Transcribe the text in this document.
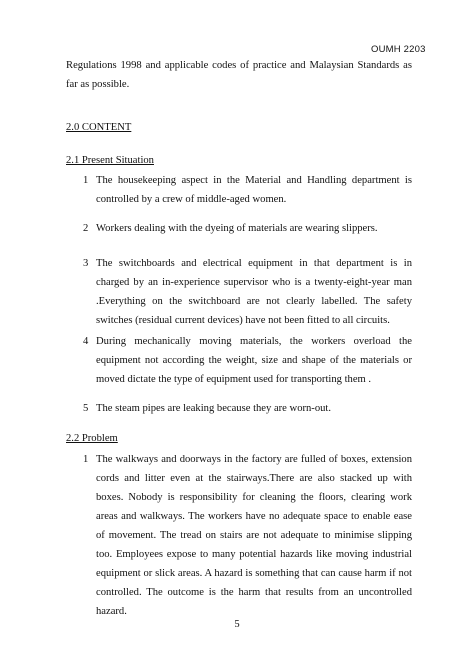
OUMH 2203
Regulations 1998 and applicable codes of practice and Malaysian Standards as far as possible.
2.0 CONTENT
2.1 Present Situation
1 The housekeeping aspect in the Material and Handling department is controlled by a crew of middle-aged women.
2 Workers dealing with the dyeing of materials are wearing slippers.
3 The switchboards and electrical equipment in that department is in charged by an in-experience supervisor who is a twenty-eight-year man .Everything on the switchboard are not clearly labelled. The safety switches (residual current devices) have not been fitted to all circuits.
4 During mechanically moving materials, the workers overload the equipment not according the weight, size and shape of the materials or moved dictate the type of equipment used for transporting them .
5 The steam pipes are leaking because they are worn-out.
2.2 Problem
1 The walkways and doorways in the factory are fulled of boxes, extension cords and litter even at the stairways.There are also stacked up with boxes. Nobody is responsibility for cleaning the floors, clearing work areas and walkways. The workers have no adequate space to enable ease of movement. The tread on stairs are not adequate to minimise slipping too. Employees expose to many potential hazards like moving industrial equipment or slick areas. A hazard is something that can cause harm if not controlled. The outcome is the harm that results from an uncontrolled hazard.
5
